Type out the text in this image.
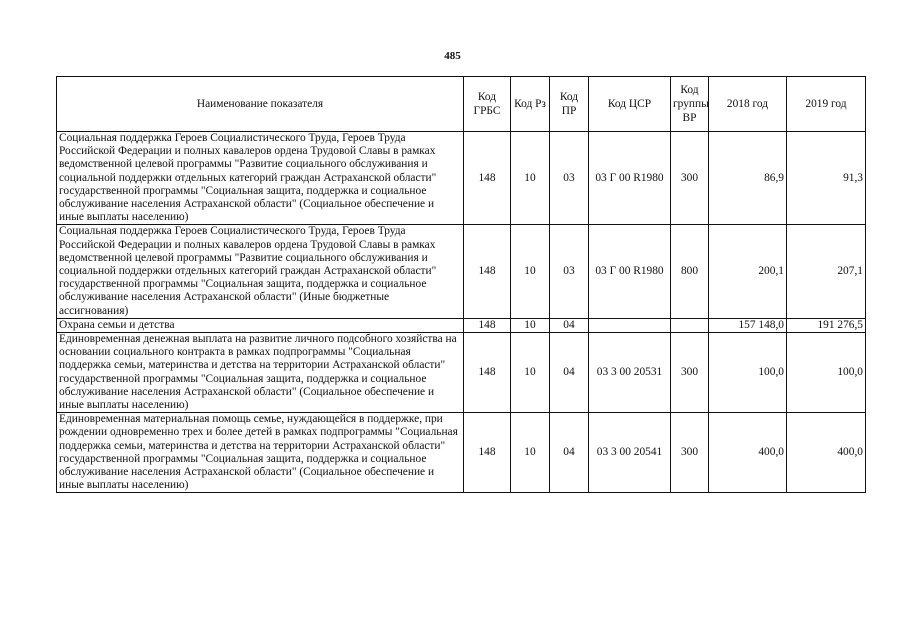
485
Наименование показателя	Код ГРБС	Код Рз	Код ПР	Код ЦСР	Код группы ВР	2018 год	2019 год
Социальная поддержка Героев Социалистического Труда, Героев Труда Российской Федерации и полных кавалеров ордена Трудовой Славы в рамках ведомственной целевой программы "Развитие социального обслуживания и социальной поддержки отдельных категорий граждан Астраханской области" государственной программы "Социальная защита, поддержка и социальное обслуживание населения Астраханской области" (Социальное обеспечение и иные выплаты населению)	148	10	03	03 Г 00 R1980	300	86,9	91,3
Социальная поддержка Героев Социалистического Труда, Героев Труда Российской Федерации и полных кавалеров ордена Трудовой Славы в рамках ведомственной целевой программы "Развитие социального обслуживания и социальной поддержки отдельных категорий граждан Астраханской области" государственной программы "Социальная защита, поддержка и социальное обслуживание населения Астраханской области" (Иные бюджетные ассигнования)	148	10	03	03 Г 00 R1980	800	200,1	207,1
Охрана семьи и детства	148	10	04			157 148,0	191 276,5
Единовременная денежная выплата на развитие личного подсобного хозяйства на основании социального контракта в рамках подпрограммы "Социальная поддержка семьи, материнства и детства на территории Астраханской области" государственной программы "Социальная защита, поддержка и социальное обслуживание населения Астраханской области" (Социальное обеспечение и иные выплаты населению)	148	10	04	03 3 00 20531	300	100,0	100,0
Единовременная материальная помощь семье, нуждающейся в поддержке, при рождении одновременно трех и более детей в рамках подпрограммы "Социальная поддержка семьи, материнства и детства на территории Астраханской области" государственной программы "Социальная защита, поддержка и социальное обслуживание населения Астраханской области" (Социальное обеспечение и иные выплаты населению)	148	10	04	03 3 00 20541	300	400,0	400,0
